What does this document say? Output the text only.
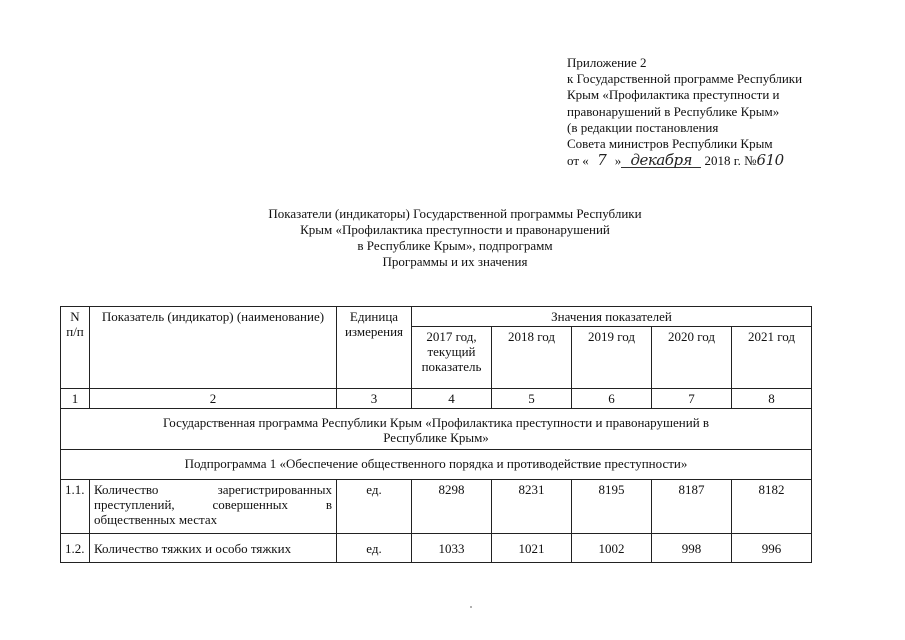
Приложение 2
к Государственной программе Республики
Крым «Профилактика преступности и
правонарушений в Республике Крым»
(в редакции постановления
Совета министров Республики Крым
от « 7 » декабря 2018 г. №610
Показатели (индикаторы) Государственной программы Республики
Крым «Профилактика преступности и правонарушений
в Республике Крым», подпрограмм
Программы и их значения
N п/п	Показатель (индикатор) (наименование)	Единица измерения	Значения показателей				
			2017 год, текущий показатель	2018 год	2019 год	2020 год	2021 год
1	2	3	4	5	6	7	8
Государственная программа Республики Крым «Профилактика преступности и правонарушений в Республике Крым»							
Подпрограмма 1 «Обеспечение общественного порядка и противодействие преступности»							
1.1.	Количество зарегистрированных преступлений, совершенных в общественных местах	ед.	8298	8231	8195	8187	8182
1.2.	Количество тяжких и особо тяжких	ед.	1033	1021	1002	998	996
